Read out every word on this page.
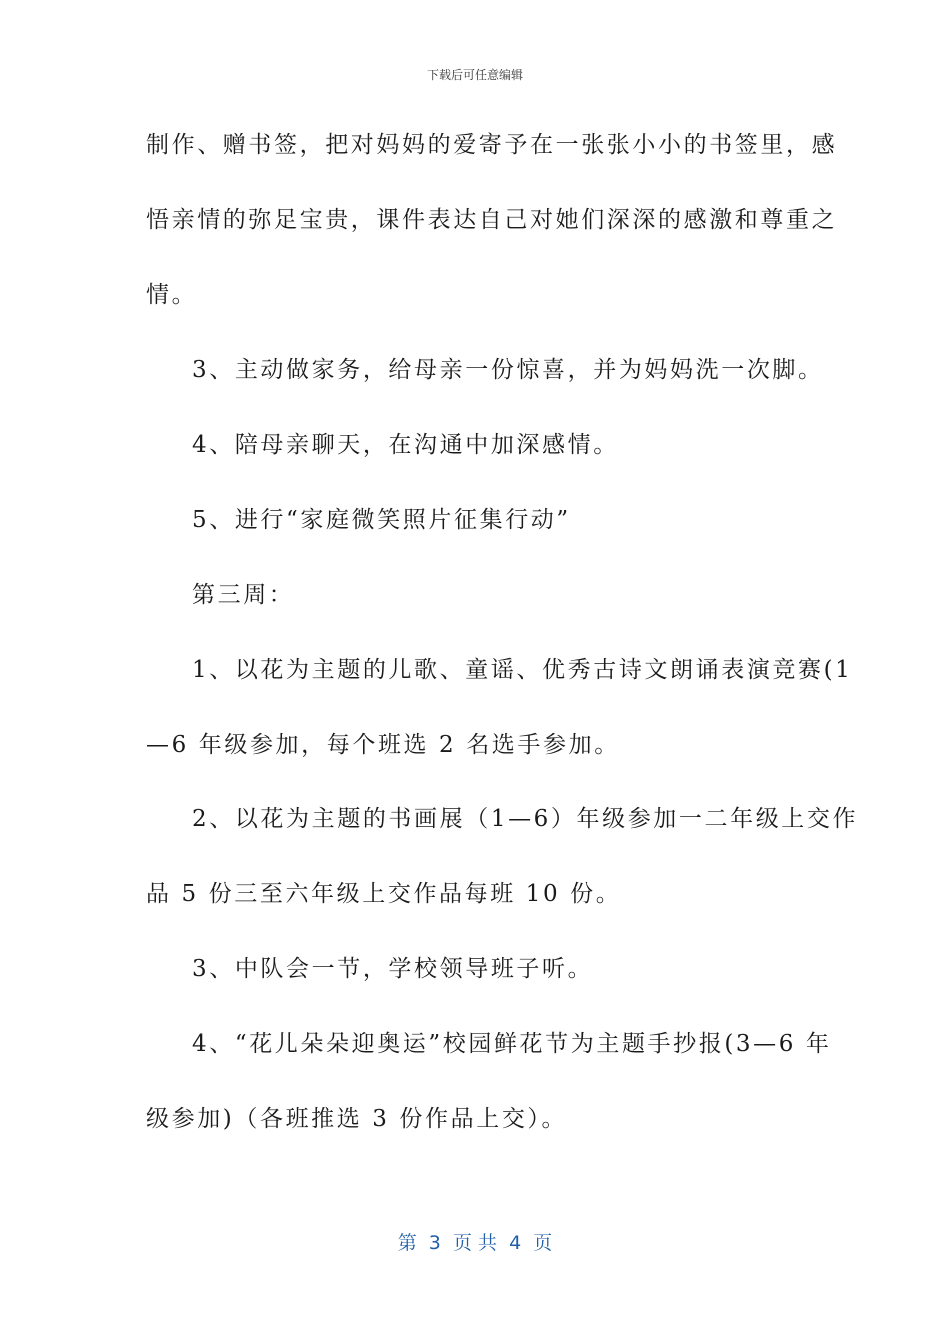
下载后可任意编辑
制作、赠书签，把对妈妈的爱寄予在一张张小小的书签里，感
悟亲情的弥足宝贵，课件表达自己对她们深深的感激和尊重之
情。
3、主动做家务，给母亲一份惊喜，并为妈妈洗一次脚。
4、陪母亲聊天，在沟通中加深感情。
5、进行“家庭微笑照片征集行动”
第三周：
1、以花为主题的儿歌、童谣、优秀古诗文朗诵表演竞赛(1
—6 年级参加，每个班选 2 名选手参加。
2、以花为主题的书画展（1—6）年级参加一二年级上交作
品 5 份三至六年级上交作品每班 10 份。
3、中队会一节，学校领导班子听。
4、“花儿朵朵迎奥运”校园鲜花节为主题手抄报(3—6 年
级参加)（各班推选 3 份作品上交）。
第  3  页 共  4  页
